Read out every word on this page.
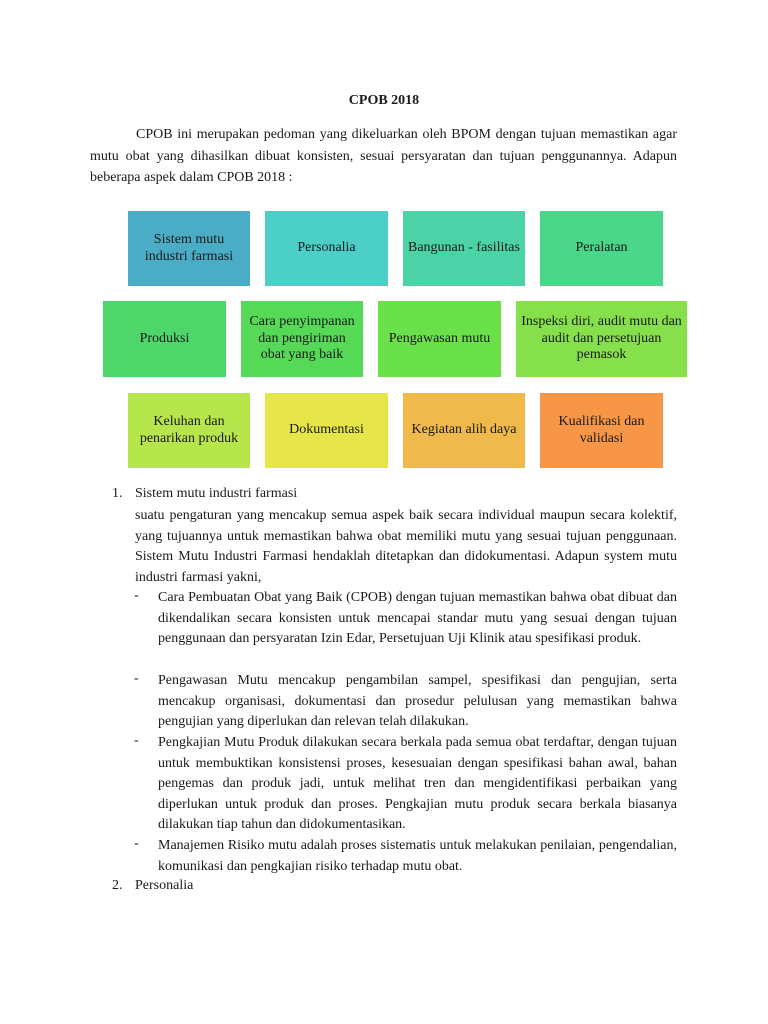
CPOB 2018

CPOB ini merupakan pedoman yang dikeluarkan oleh BPOM dengan tujuan memastikan agar mutu obat yang dihasilkan dibuat konsisten, sesuai persyaratan dan tujuan penggunannya. Adapun beberapa aspek dalam CPOB 2018 :

Sistem mutu industri farmasi
Personalia	Bangunan - fasilitas	Peralatan
Produksi
Cara penyimpanan dan pengiriman obat yang baik
Pengawasan mutu
Inspeksi diri, audit mutu dan audit dan persetujuan pemasok
Keluhan dan penarikan produk
Dokumentasi	Kegiatan alih daya
Kualifikasi dan validasi
1. Sistem mutu industri farmasi

suatu pengaturan yang mencakup semua aspek baik secara individual maupun secara kolektif, yang tujuannya untuk memastikan bahwa obat memiliki mutu yang sesuai tujuan penggunaan. Sistem Mutu Industri Farmasi hendaklah ditetapkan dan didokumentasi. Adapun system mutu industri farmasi yakni,

- Cara Pembuatan Obat yang Baik (CPOB) dengan tujuan memastikan bahwa obat dibuat dan dikendalikan secara konsisten untuk mencapai standar mutu yang sesuai dengan tujuan penggunaan dan persyaratan Izin Edar, Persetujuan Uji Klinik atau spesifikasi produk.

- Pengawasan Mutu mencakup pengambilan sampel, spesifikasi dan pengujian, serta mencakup organisasi, dokumentasi dan prosedur pelulusan yang memastikan bahwa pengujian yang diperlukan dan relevan telah dilakukan.

- Pengkajian Mutu Produk dilakukan secara berkala pada semua obat terdaftar, dengan tujuan untuk membuktikan konsistensi proses, kesesuaian dengan spesifikasi bahan awal, bahan pengemas dan produk jadi, untuk melihat tren dan mengidentifikasi perbaikan yang diperlukan untuk produk dan proses. Pengkajian mutu produk secara berkala biasanya dilakukan tiap tahun dan didokumentasikan.

- Manajemen Risiko mutu adalah proses sistematis untuk melakukan penilaian, pengendalian, komunikasi dan pengkajian risiko terhadap mutu obat.

2. Personalia
